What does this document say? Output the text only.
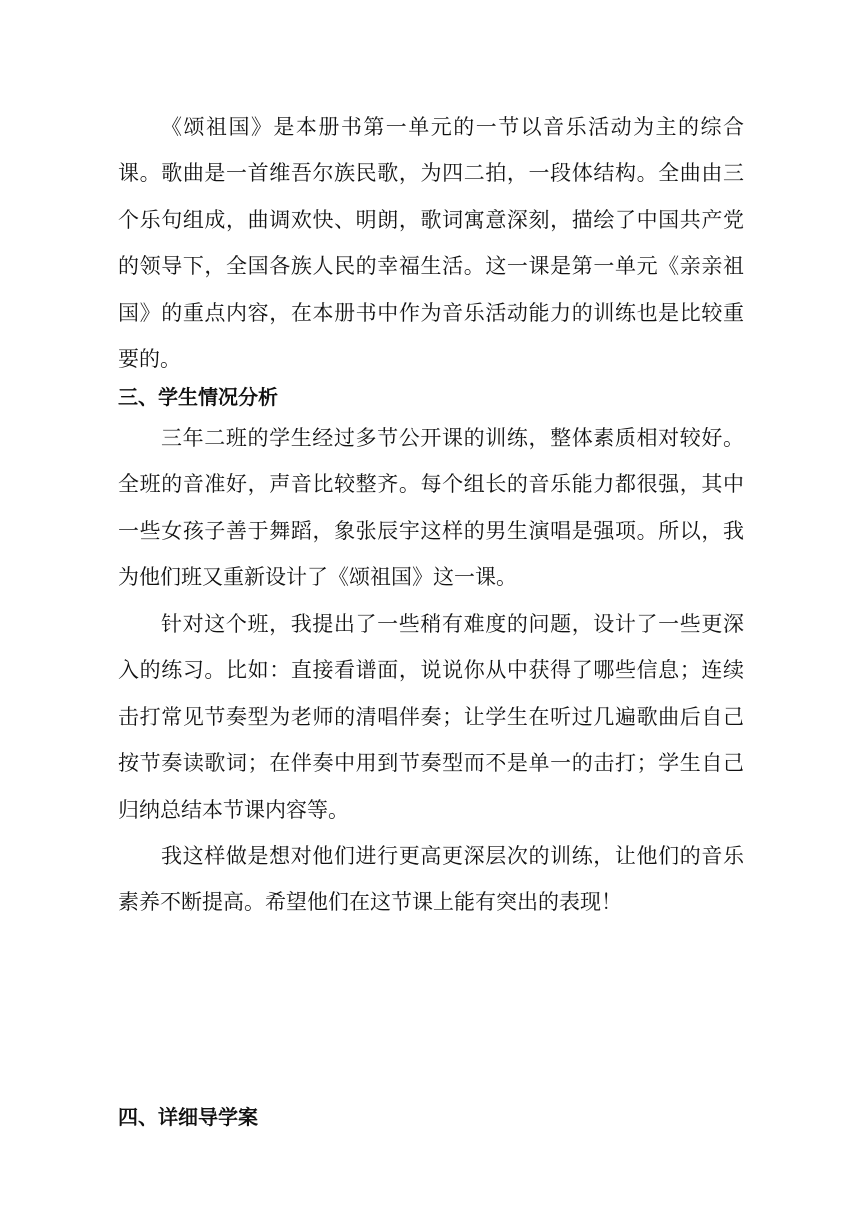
《颂祖国》是本册书第一单元的一节以音乐活动为主的综合课。歌曲是一首维吾尔族民歌，为四二拍，一段体结构。全曲由三个乐句组成，曲调欢快、明朗，歌词寓意深刻，描绘了中国共产党的领导下，全国各族人民的幸福生活。这一课是第一单元《亲亲祖国》的重点内容，在本册书中作为音乐活动能力的训练也是比较重要的。

三、学生情况分析

三年二班的学生经过多节公开课的训练，整体素质相对较好。全班的音准好，声音比较整齐。每个组长的音乐能力都很强，其中一些女孩子善于舞蹈，象张辰宇这样的男生演唱是强项。所以，我为他们班又重新设计了《颂祖国》这一课。

针对这个班，我提出了一些稍有难度的问题，设计了一些更深入的练习。比如：直接看谱面，说说你从中获得了哪些信息；连续击打常见节奏型为老师的清唱伴奏；让学生在听过几遍歌曲后自己按节奏读歌词；在伴奏中用到节奏型而不是单一的击打；学生自己归纳总结本节课内容等。

我这样做是想对他们进行更高更深层次的训练，让他们的音乐素养不断提高。希望他们在这节课上能有突出的表现！

四、详细导学案
